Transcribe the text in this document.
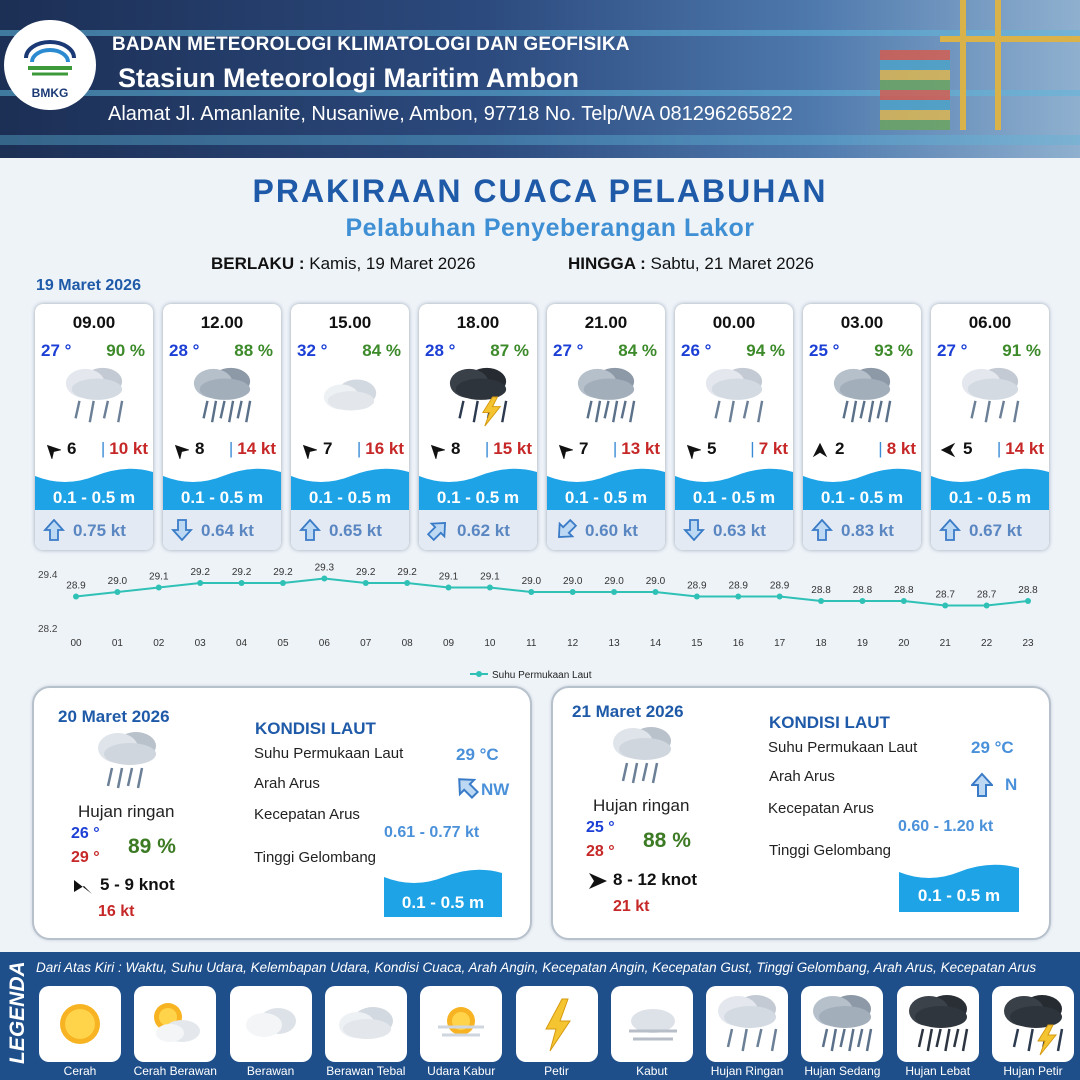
BMKG
BADAN METEOROLOGI KLIMATOLOGI DAN GEOFISIKA
Stasiun Meteorologi Maritim Ambon
Alamat Jl. Amanlanite, Nusaniwe, Ambon, 97718 No. Telp/WA 081296265822
PRAKIRAAN CUACA PELABUHAN
Pelabuhan Penyeberangan Lakor
BERLAKU : Kamis, 19 Maret 2026	HINGGA : Sabtu, 21 Maret 2026
19 Maret 2026
09.00
27 ° 90 %
6 | 10 kt
0.1 - 0.5 m
0.75 kt
12.00
28 ° 88 %
8 | 14 kt
0.1 - 0.5 m
0.64 kt
15.00
32 ° 84 %
7 | 16 kt
0.1 - 0.5 m
0.65 kt
18.00
28 ° 87 %
8 | 15 kt
0.1 - 0.5 m
0.62 kt
21.00
27 ° 84 %
7 | 13 kt
0.1 - 0.5 m
0.60 kt
00.00
26 ° 94 %
5 | 7 kt
0.1 - 0.5 m
0.63 kt
03.00
25 ° 93 %
2 | 8 kt
0.1 - 0.5 m
0.83 kt
06.00
27 ° 91 %
5 | 14 kt
0.1 - 0.5 m
0.67 kt
29.4
28.2
28.9
00
29.0
01
29.1
02
29.2
03
29.2
04
29.2
05
29.3
06
29.2
07
29.2
08
29.1
09
29.1
10
29.0
11
29.0
12
29.0
13
29.0
14
28.9
15
28.9
16
28.9
17
28.8
18
28.8
19
28.8
20
28.7
21
28.7
22
28.8
23
Suhu Permukaan Laut
20 Maret 2026
Hujan ringan
26 °
29 ° 89 %
5 - 9 knot
16 kt
KONDISI LAUT
Suhu Permukaan Laut	29 °C
Arah Arus	NW
Kecepatan Arus
0.61 - 0.77 kt
Tinggi Gelombang
0.1 - 0.5 m
21 Maret 2026
Hujan ringan
25 °
28 ° 88 %
8 - 12 knot
21 kt
KONDISI LAUT
Suhu Permukaan Laut	29 °C
Arah Arus	N
Kecepatan Arus
0.60 - 1.20 kt
Tinggi Gelombang
0.1 - 0.5 m
LEGENDA Dari Atas Kiri : Waktu, Suhu Udara, Kelembapan Udara, Kondisi Cuaca, Arah Angin, Kecepatan Angin, Kecepatan Gust, Tinggi Gelombang, Arah Arus, Kecepatan Arus
Cerah	Cerah Berawan	Berawan	Berawan Tebal	Udara Kabur	Petir	Kabut	Hujan Ringan	Hujan Sedang	Hujan Lebat	Hujan Petir
